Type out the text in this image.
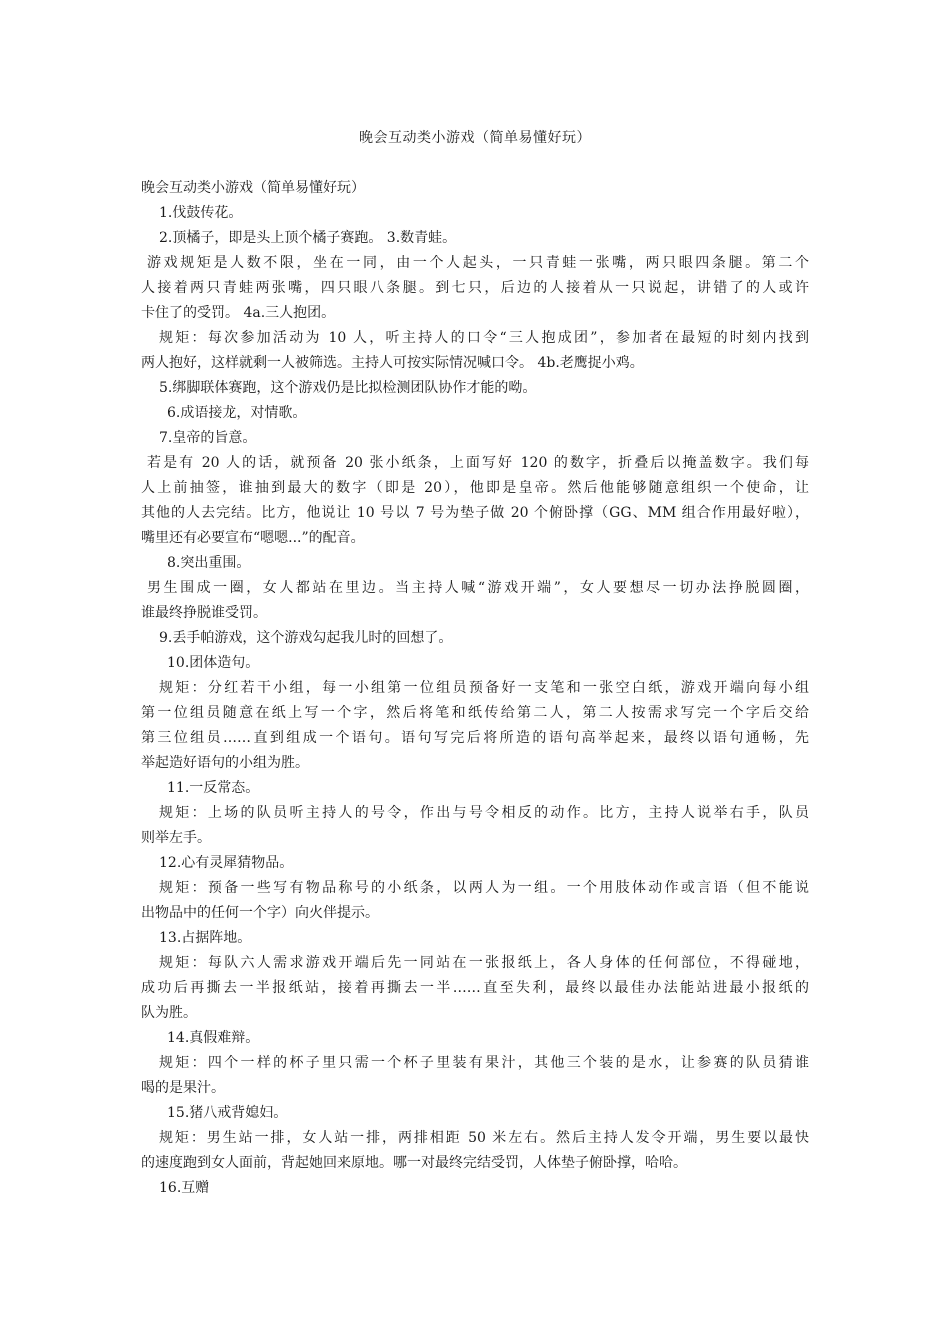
晚会互动类小游戏（简单易懂好玩）
晚会互动类小游戏（简单易懂好玩）
1.伐鼓传花。
2.顶橘子，即是头上顶个橘子赛跑。 3.数青蛙。
游戏规矩是人数不限，坐在一同，由一个人起头，一只青蛙一张嘴，两只眼四条腿。第二个
人接着两只青蛙两张嘴，四只眼八条腿。到七只，后边的人接着从一只说起，讲错了的人或许
卡住了的受罚。 4a.三人抱团。
规矩：每次参加活动为 10 人，听主持人的口令“三人抱成团”，参加者在最短的时刻内找到
两人抱好，这样就剩一人被筛选。主持人可按实际情况喊口令。 4b.老鹰捉小鸡。
5.绑脚联体赛跑，这个游戏仍是比拟检测团队协作才能的呦。
6.成语接龙，对情歌。
7.皇帝的旨意。
若是有 20 人的话，就预备 20 张小纸条，上面写好 120 的数字，折叠后以掩盖数字。我们每
人上前抽签，谁抽到最大的数字（即是 20），他即是皇帝。然后他能够随意组织一个使命，让
其他的人去完结。比方，他说让 10 号以 7 号为垫子做 20 个俯卧撑（GG、MM 组合作用最好啦），
嘴里还有必要宣布“嗯嗯...”的配音。
8.突出重围。
男生围成一圈，女人都站在里边。当主持人喊“游戏开端”，女人要想尽一切办法挣脱圆圈，
谁最终挣脱谁受罚。
9.丢手帕游戏，这个游戏勾起我儿时的回想了。
10.团体造句。
规矩：分红若干小组，每一小组第一位组员预备好一支笔和一张空白纸，游戏开端向每小组
第一位组员随意在纸上写一个字，然后将笔和纸传给第二人，第二人按需求写完一个字后交给
第三位组员……直到组成一个语句。语句写完后将所造的语句高举起来，最终以语句通畅，先
举起造好语句的小组为胜。
11.一反常态。
规矩：上场的队员听主持人的号令，作出与号令相反的动作。比方，主持人说举右手，队员
则举左手。
12.心有灵犀猜物品。
规矩：预备一些写有物品称号的小纸条，以两人为一组。一个用肢体动作或言语（但不能说
出物品中的任何一个字）向火伴提示。
13.占据阵地。
规矩：每队六人需求游戏开端后先一同站在一张报纸上，各人身体的任何部位，不得碰地，
成功后再撕去一半报纸站，接着再撕去一半……直至失利，最终以最佳办法能站进最小报纸的
队为胜。
14.真假难辩。
规矩：四个一样的杯子里只需一个杯子里装有果汁，其他三个装的是水，让参赛的队员猜谁
喝的是果汁。
15.猪八戒背媳妇。
规矩：男生站一排，女人站一排，两排相距 50 米左右。然后主持人发令开端，男生要以最快
的速度跑到女人面前，背起她回来原地。哪一对最终完结受罚，人体垫子俯卧撑，哈哈。
16.互赠
